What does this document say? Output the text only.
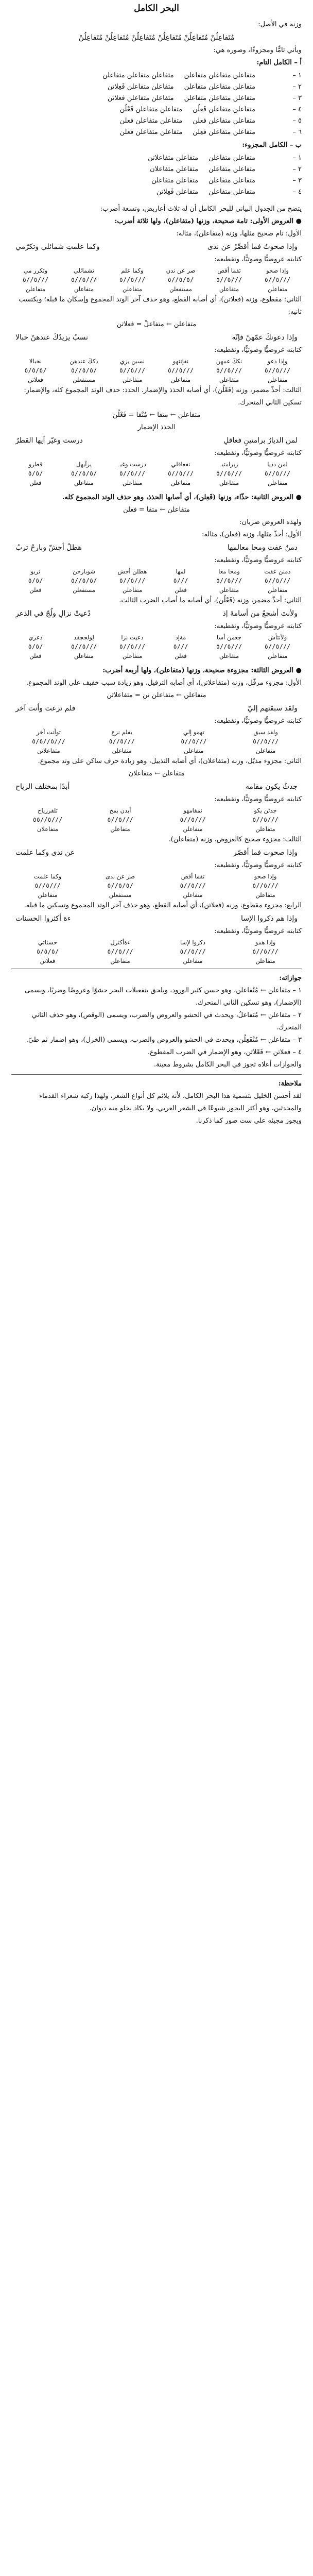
البحر الكامل
وزنه في الأصل:
مُتَفاعِلُنْ مُتَفاعِلُنْ مُتَفاعِلُنْ مُتَفاعِلُنْ مُتَفاعِلُنْ مُتَفاعِلُنْ
ويأتي تامًّا ومجزوءًا، وصوره هي:
أ – الكامل التام:
١ –
متفاعلن متفاعلن متفاعلن
متفاعلن متفاعلن متفاعلن
٢ –
متفاعلن متفاعلن متفاعلن
متفاعلن متفاعلن فَعِلاتن
٣ –
متفاعلن متفاعلن متفاعلن
متفاعلن متفاعلن فعلاتن
٤ –
متفاعلن متفاعلن فَعِلُن
متفاعلن متفاعلن فَعْلُن
٥ –
متفاعلن متفاعلن فعلن
متفاعلن متفاعلن فعلن
٦ –
متفاعلن متفاعلن فعِلن
متفاعلن متفاعلن فعلن
ب – الكامل المجزوء:
١ –
متفاعلن متفاعلن
متفاعلن متفاعلاتن
٢ –
متفاعلن متفاعلن
متفاعلن متفاعلان
٣ –
متفاعلن متفاعلن
متفاعلن متفاعلن
٤ –
متفاعلن متفاعلن
متفاعلن فَعِلاتن
يتضح من الجدول البياني للبحر الكامل أن له ثلاث أعاريض، وتسعة أضرب:
● العروض الأولى: تامة صحيحة، وزنها (متفاعلن)، ولها ثلاثة أضرب:
الأول: تام صحيح مثلها، وزنه (متفاعلن)، مثاله:
وإذا صحوتُ فما أقصِّرُ عن ندى
وكما علمتِ شمائلي وتكرّمي
كتابته عروضيًّا وصوتيًّا، وتقطيعه:
وإذا صحو
///٥//٥
متفاعلن
تفما أقص
///٥//٥
متفاعلن
صر عن ندن
/٥/٥//٥
مستفعلن
وكما علم
///٥//٥
متفاعلن
تشمائلي
///٥//٥
متفاعلن
وتكرر مي
///٥//٥
متفاعلن
الثاني: مقطوع، وزنه (فعلاتن)، أي أصابه القطع، وهو حذف آخر الوتد المجموع وإسكان ما قبله؛ ويكتسب ثانيه:
متفاعلن ← متفاعلْ = فعلاتن
وإذا دعونكَ عمّهنّ فإنّه
نسبٌ يزيدُكَ عندهنّ خبالا
كتابته عروضيًّا وصوتيًّا، وتقطيعه:
وإذا دعو
///٥//٥
متفاعلن
نككَ عمهن
///٥//٥
متفاعلن
نفإننهو
///٥//٥
متفاعلن
نسبن يزي
///٥//٥
متفاعلن
دككَ عندهن
/٥/٥//٥
مستفعلن
نخبالا
/٥/٥/٥
فعلاتن
الثالث: أحذّ مضمر، وزنه (فَعْلُن)، أي أصابه الحذذ والإضمار. الحذذ: حذف الوتد المجموع كله، والإضمار: تسكين الثاني المتحرك.
متفاعلن ← متفا ← مُتْفا = فَعْلُن
الحذذ الإضمار
لمن الديارُ برامتينِ فعاقلِ
درست وغيّر آيها القطرُ
كتابته عروضيًّا وصوتيًّا، وتقطيعه:
لمن دديا
///٥//٥
متفاعلن
ربرامتيـ
///٥//٥
متفاعلن
نفعاقلي
///٥//٥
متفاعلن
درست وغيـ
///٥//٥
متفاعلن
يرآيهل
/٥/٥//٥
متفاعلن
قطرو
/٥/٥
فعلن
● العروض الثانية: حذّاء، وزنها (فَعِلن)، أي أصابها الحذذ، وهو حذف الوتد المجموع كله.
متفاعلن ← متفا = فعلن
ولهذه العروض ضربان:
الأول: أحذّ مثلها، وزنه (فعلن)، مثاله:
دمنٌ عفت ومحا معالمها
هطلٌ أجشّ وبارحٌ تربُ
كتابته عروضيًّا وصوتيًّا، وتقطيعه:
دمنن عفت
///٥//٥
متفاعلن
ومحا معا
///٥//٥
متفاعلن
لمها
///٥
فعلن
هطلن أجش
///٥//٥
متفاعلن
شوبارحن
/٥/٥//٥
مستفعلن
تربو
/٥/٥
فعلن
الثاني: أحذّ مضمر، وزنه (فَعْلُن)، أي أصابه ما أصاب الضرب الثالث.
ولأنتَ أشجعُ من أسامةَ إذ
دُعيتْ نزالِ ولُجّ في الذعرِ
كتابته عروضيًّا وصوتيًّا، وتقطيعه:
ولأنتأش
///٥//٥
متفاعلن
جعمن أسا
///٥//٥
متفاعلن
مةإذ
///٥
فعلن
دعيت نزا
///٥//٥
متفاعلن
لِولججفذ
///٥//٥
متفاعلن
ذعري
/٥/٥
فعلن
● العروض الثالثة: مجزوءة صحيحة، وزنها (متفاعلن)، ولها أربعة أضرب:
الأول: مجزوء مرفّل، وزنه (متفاعلاتن)، أي أصابه الترفيل، وهو زيادة سبب خفيف على الوتد المجموع.
متفاعلن ← متفاعلن تن = متفاعلاتن
ولقد سبقتهم إليّ
فلم نزعت وأنت آخر
كتابته عروضيًّا وصوتيًّا، وتقطيعه:
ولقد سبق
///٥//٥
متفاعلن
تهمو إلي
///٥//٥
متفاعلن
يفلم نزع
///٥//٥
متفاعلن
توأنت آخر
///٥//٥/٥
متفاعلاتن
الثاني: مجزوء مذيّل، وزنه (متفاعلان)، أي أصابه التذييل، وهو زيادة حرف ساكن على وتد مجموع.
متفاعلن ← متفاعلان
جدثٌ يكون مقامه
أبدًا بمختلف الرياح
كتابته عروضيًّا وصوتيًّا، وتقطيعه:
جدثن يكو
///٥//٥
متفاعلن
نمقامهو
///٥//٥
متفاعلن
أبدن بمخ
///٥//٥
متفاعلن
تلفررياح
///٥//٥٥
متفاعلان
الثالث: مجزوء صحيح كالعروض، وزنه (متفاعلن).
وإذا صحوت فما أقصّر
عن ندى وكما علمت
كتابته عروضيًّا وصوتيًّا، وتقطيعه:
وإذا صحو
///٥//٥
متفاعلن
تفما أقص
///٥//٥
متفاعلن
صر عن ندى
/٥/٥//٥
مستفعلن
وكما علمت
///٥//٥
متفاعلن
الرابع: مجزوء مقطوع، وزنه (فعلاتن)، أي أصابه القطع، وهو حذف آخر الوتد المجموع وتسكين ما قبله.
وإذا هم ذكروا الإسا
ءة أكثروا الحسنات
كتابته عروضيًّا وصوتيًّا، وتقطيعه:
وإذا همو
///٥//٥
متفاعلن
ذكروا لإسا
///٥//٥
متفاعلن
ءةأكثرل
///٥//٥
متفاعلن
حسناتي
/٥/٥/٥
فعلاتن
جوازاته:
١ – متفاعلن ← مُتْفاعلن، وهو حسن كثير الورود، ويلحق بتفعيلات البحر حشوًا وعروضًا وضربًا، ويسمى (الإضمار)، وهو تسكين الثاني المتحرك.
٢ – متفاعلن ← مُتَفاعلُ، ويحدث في الحشو والعروض والضرب، ويسمى (الوقص)، وهو حذف الثاني المتحرك.
٣ – متفاعلن ← مُتْفَعِلُن، ويحدث في الحشو والعروض والضرب، ويسمى (الخزل)، وهو إضمار ثم طيّ.
٤ – فعلاتن ← فَعْلاتن، وهو الإضمار في الضرب المقطوع.
والجوازات أعلاه تجوز في البحر الكامل بشروط معينة.
ملاحظة:
لقد أحسن الخليل بتسمية هذا البحر الكامل، لأنه يلائم كل أنواع الشعر، ولهذا ركبه شعراء القدماء والمحدثين، وهو أكثر البحور شيوعًا في الشعر العربي، ولا يكاد يخلو منه ديوان.
ويجوز مجيئه على ست صور كما ذكرنا.
